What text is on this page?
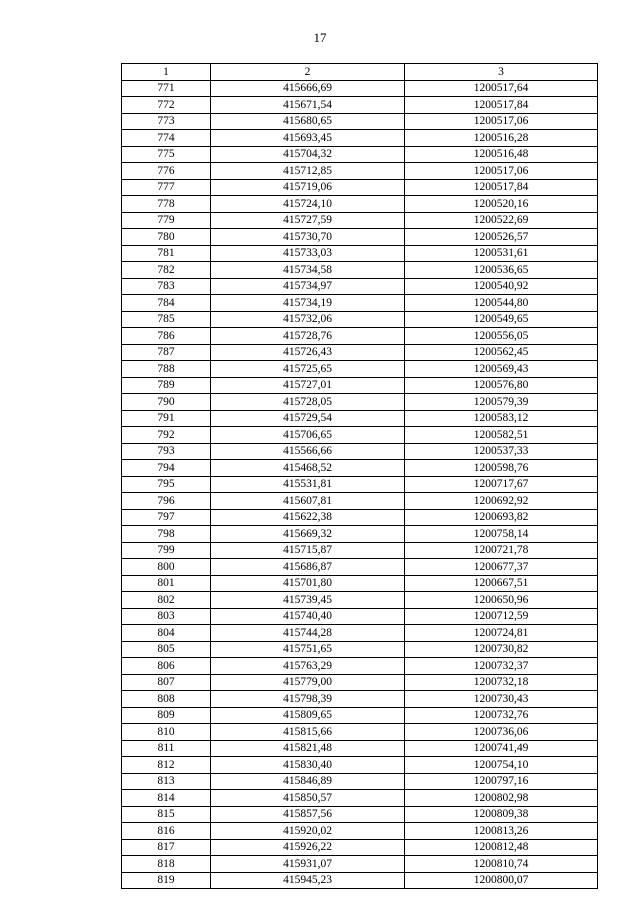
17
1	2	3
771	415666,69	1200517,64
772	415671,54	1200517,84
773	415680,65	1200517,06
774	415693,45	1200516,28
775	415704,32	1200516,48
776	415712,85	1200517,06
777	415719,06	1200517,84
778	415724,10	1200520,16
779	415727,59	1200522,69
780	415730,70	1200526,57
781	415733,03	1200531,61
782	415734,58	1200536,65
783	415734,97	1200540,92
784	415734,19	1200544,80
785	415732,06	1200549,65
786	415728,76	1200556,05
787	415726,43	1200562,45
788	415725,65	1200569,43
789	415727,01	1200576,80
790	415728,05	1200579,39
791	415729,54	1200583,12
792	415706,65	1200582,51
793	415566,66	1200537,33
794	415468,52	1200598,76
795	415531,81	1200717,67
796	415607,81	1200692,92
797	415622,38	1200693,82
798	415669,32	1200758,14
799	415715,87	1200721,78
800	415686,87	1200677,37
801	415701,80	1200667,51
802	415739,45	1200650,96
803	415740,40	1200712,59
804	415744,28	1200724,81
805	415751,65	1200730,82
806	415763,29	1200732,37
807	415779,00	1200732,18
808	415798,39	1200730,43
809	415809,65	1200732,76
810	415815,66	1200736,06
811	415821,48	1200741,49
812	415830,40	1200754,10
813	415846,89	1200797,16
814	415850,57	1200802,98
815	415857,56	1200809,38
816	415920,02	1200813,26
817	415926,22	1200812,48
818	415931,07	1200810,74
819	415945,23	1200800,07
